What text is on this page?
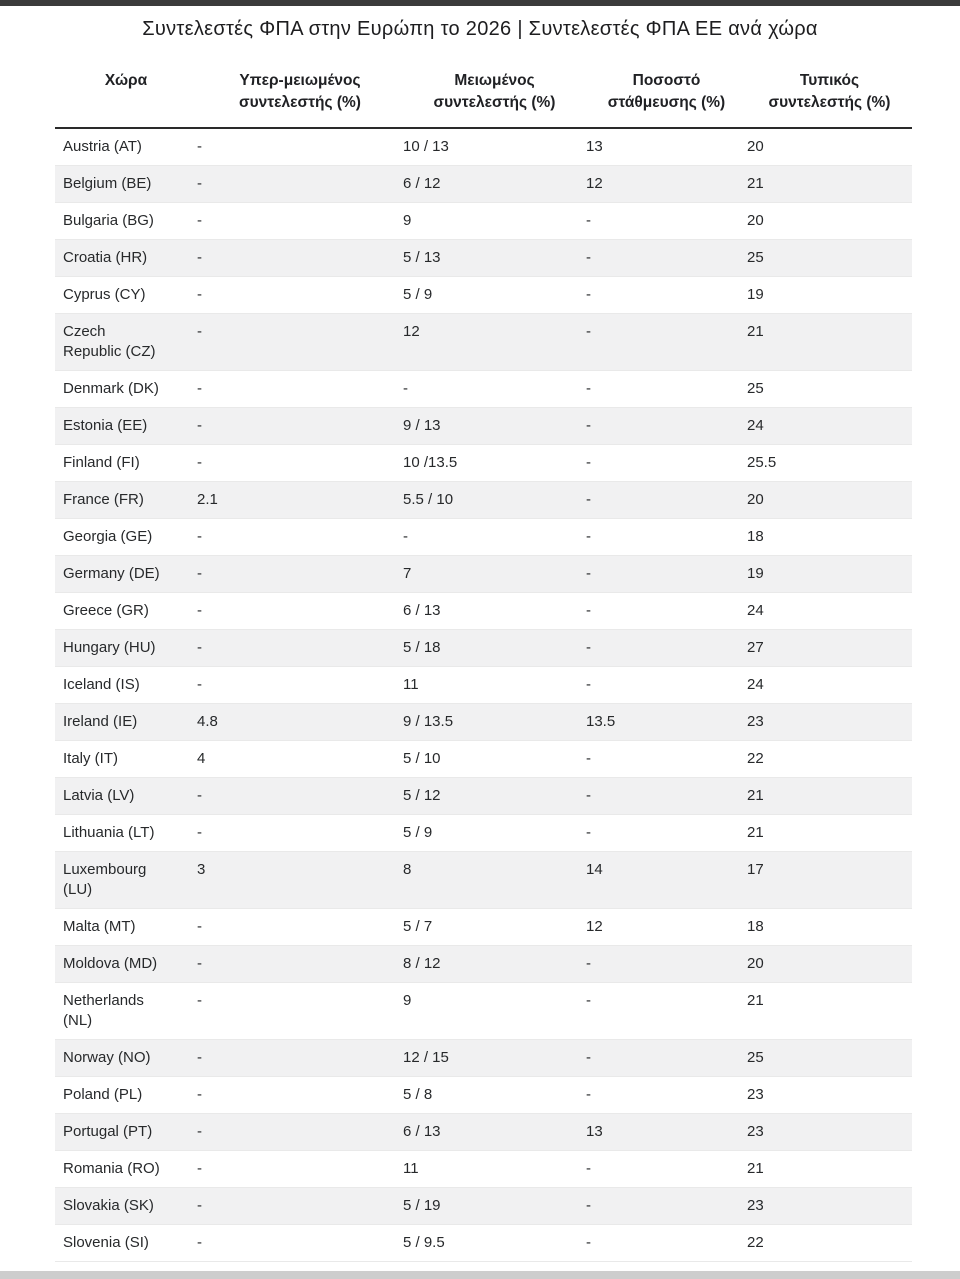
Συντελεστές ΦΠΑ στην Ευρώπη το 2026 | Συντελεστές ΦΠΑ ΕΕ ανά χώρα
Χώρα	Υπερ-μειωμένος συντελεστής (%)	Μειωμένος συντελεστής (%)	Ποσοστό στάθμευσης (%)	Τυπικός συντελεστής (%)
Austria (AT)	-	10 / 13	13	20
Belgium (BE)	-	6 / 12	12	21
Bulgaria (BG)	-	9	-	20
Croatia (HR)	-	5 / 13	-	25
Cyprus (CY)	-	5 / 9	-	19
Czech Republic (CZ)	-	12	-	21
Denmark (DK)	-	-	-	25
Estonia (EE)	-	9 / 13	-	24
Finland (FI)	-	10 /13.5	-	25.5
France (FR)	2.1	5.5 / 10	-	20
Georgia (GE)	-	-	-	18
Germany (DE)	-	7	-	19
Greece (GR)	-	6 / 13	-	24
Hungary (HU)	-	5 / 18	-	27
Iceland (IS)	-	11	-	24
Ireland (IE)	4.8	9 / 13.5	13.5	23
Italy (IT)	4	5 / 10	-	22
Latvia (LV)	-	5 / 12	-	21
Lithuania (LT)	-	5 / 9	-	21
Luxembourg (LU)	3	8	14	17
Malta (MT)	-	5 / 7	12	18
Moldova (MD)	-	8 / 12	-	20
Netherlands (NL)	-	9	-	21
Norway (NO)	-	12 / 15	-	25
Poland (PL)	-	5 / 8	-	23
Portugal (PT)	-	6 / 13	13	23
Romania (RO)	-	11	-	21
Slovakia (SK)	-	5 / 19	-	23
Slovenia (SI)	-	5 / 9.5	-	22
